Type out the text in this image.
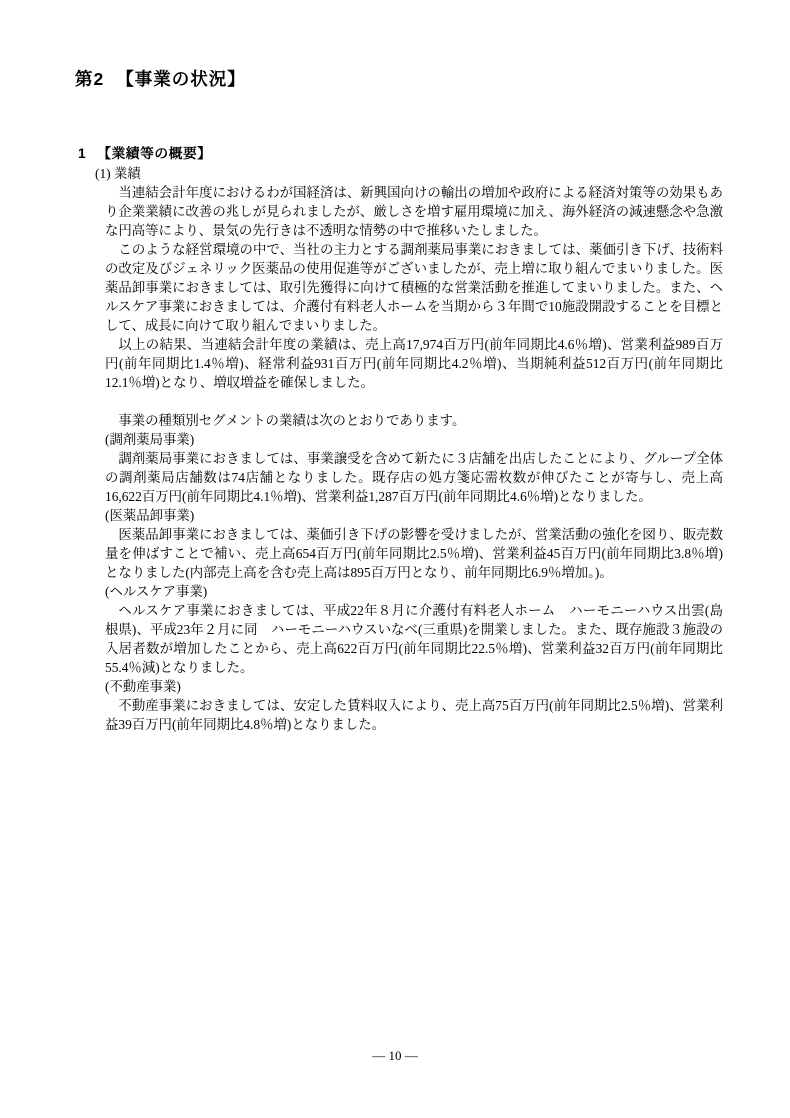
第2 【事業の状況】
1 【業績等の概要】
(1) 業績

当連結会計年度におけるわが国経済は、新興国向けの輸出の増加や政府による経済対策等の効果もあり企業業績に改善の兆しが見られましたが、厳しさを増す雇用環境に加え、海外経済の減速懸念や急激な円高等により、景気の先行きは不透明な情勢の中で推移いたしました。

このような経営環境の中で、当社の主力とする調剤薬局事業におきましては、薬価引き下げ、技術料の改定及びジェネリック医薬品の使用促進等がございましたが、売上増に取り組んでまいりました。医薬品卸事業におきましては、取引先獲得に向けて積極的な営業活動を推進してまいりました。また、ヘルスケア事業におきましては、介護付有料老人ホームを当期から３年間で10施設開設することを目標として、成長に向けて取り組んでまいりました。

以上の結果、当連結会計年度の業績は、売上高17,974百万円(前年同期比4.6％増)、営業利益989百万円(前年同期比1.4％増)、経常利益931百万円(前年同期比4.2％増)、当期純利益512百万円(前年同期比12.1％増)となり、増収増益を確保しました。

事業の種類別セグメントの業績は次のとおりであります。

(調剤薬局事業)

調剤薬局事業におきましては、事業譲受を含めて新たに３店舗を出店したことにより、グループ全体の調剤薬局店舗数は74店舗となりました。既存店の処方箋応需枚数が伸びたことが寄与し、売上高16,622百万円(前年同期比4.1％増)、営業利益1,287百万円(前年同期比4.6％増)となりました。

(医薬品卸事業)

医薬品卸事業におきましては、薬価引き下げの影響を受けましたが、営業活動の強化を図り、販売数量を伸ばすことで補い、売上高654百万円(前年同期比2.5％増)、営業利益45百万円(前年同期比3.8％増)となりました(内部売上高を含む売上高は895百万円となり、前年同期比6.9％増加。)。

(ヘルスケア事業)

ヘルスケア事業におきましては、平成22年８月に介護付有料老人ホーム　ハーモニーハウス出雲(島根県)、平成23年２月に同　ハーモニーハウスいなべ(三重県)を開業しました。また、既存施設３施設の入居者数が増加したことから、売上高622百万円(前年同期比22.5％増)、営業利益32百万円(前年同期比55.4％減)となりました。

(不動産事業)

不動産事業におきましては、安定した賃料収入により、売上高75百万円(前年同期比2.5％増)、営業利益39百万円(前年同期比4.8％増)となりました。

― 10 ―
